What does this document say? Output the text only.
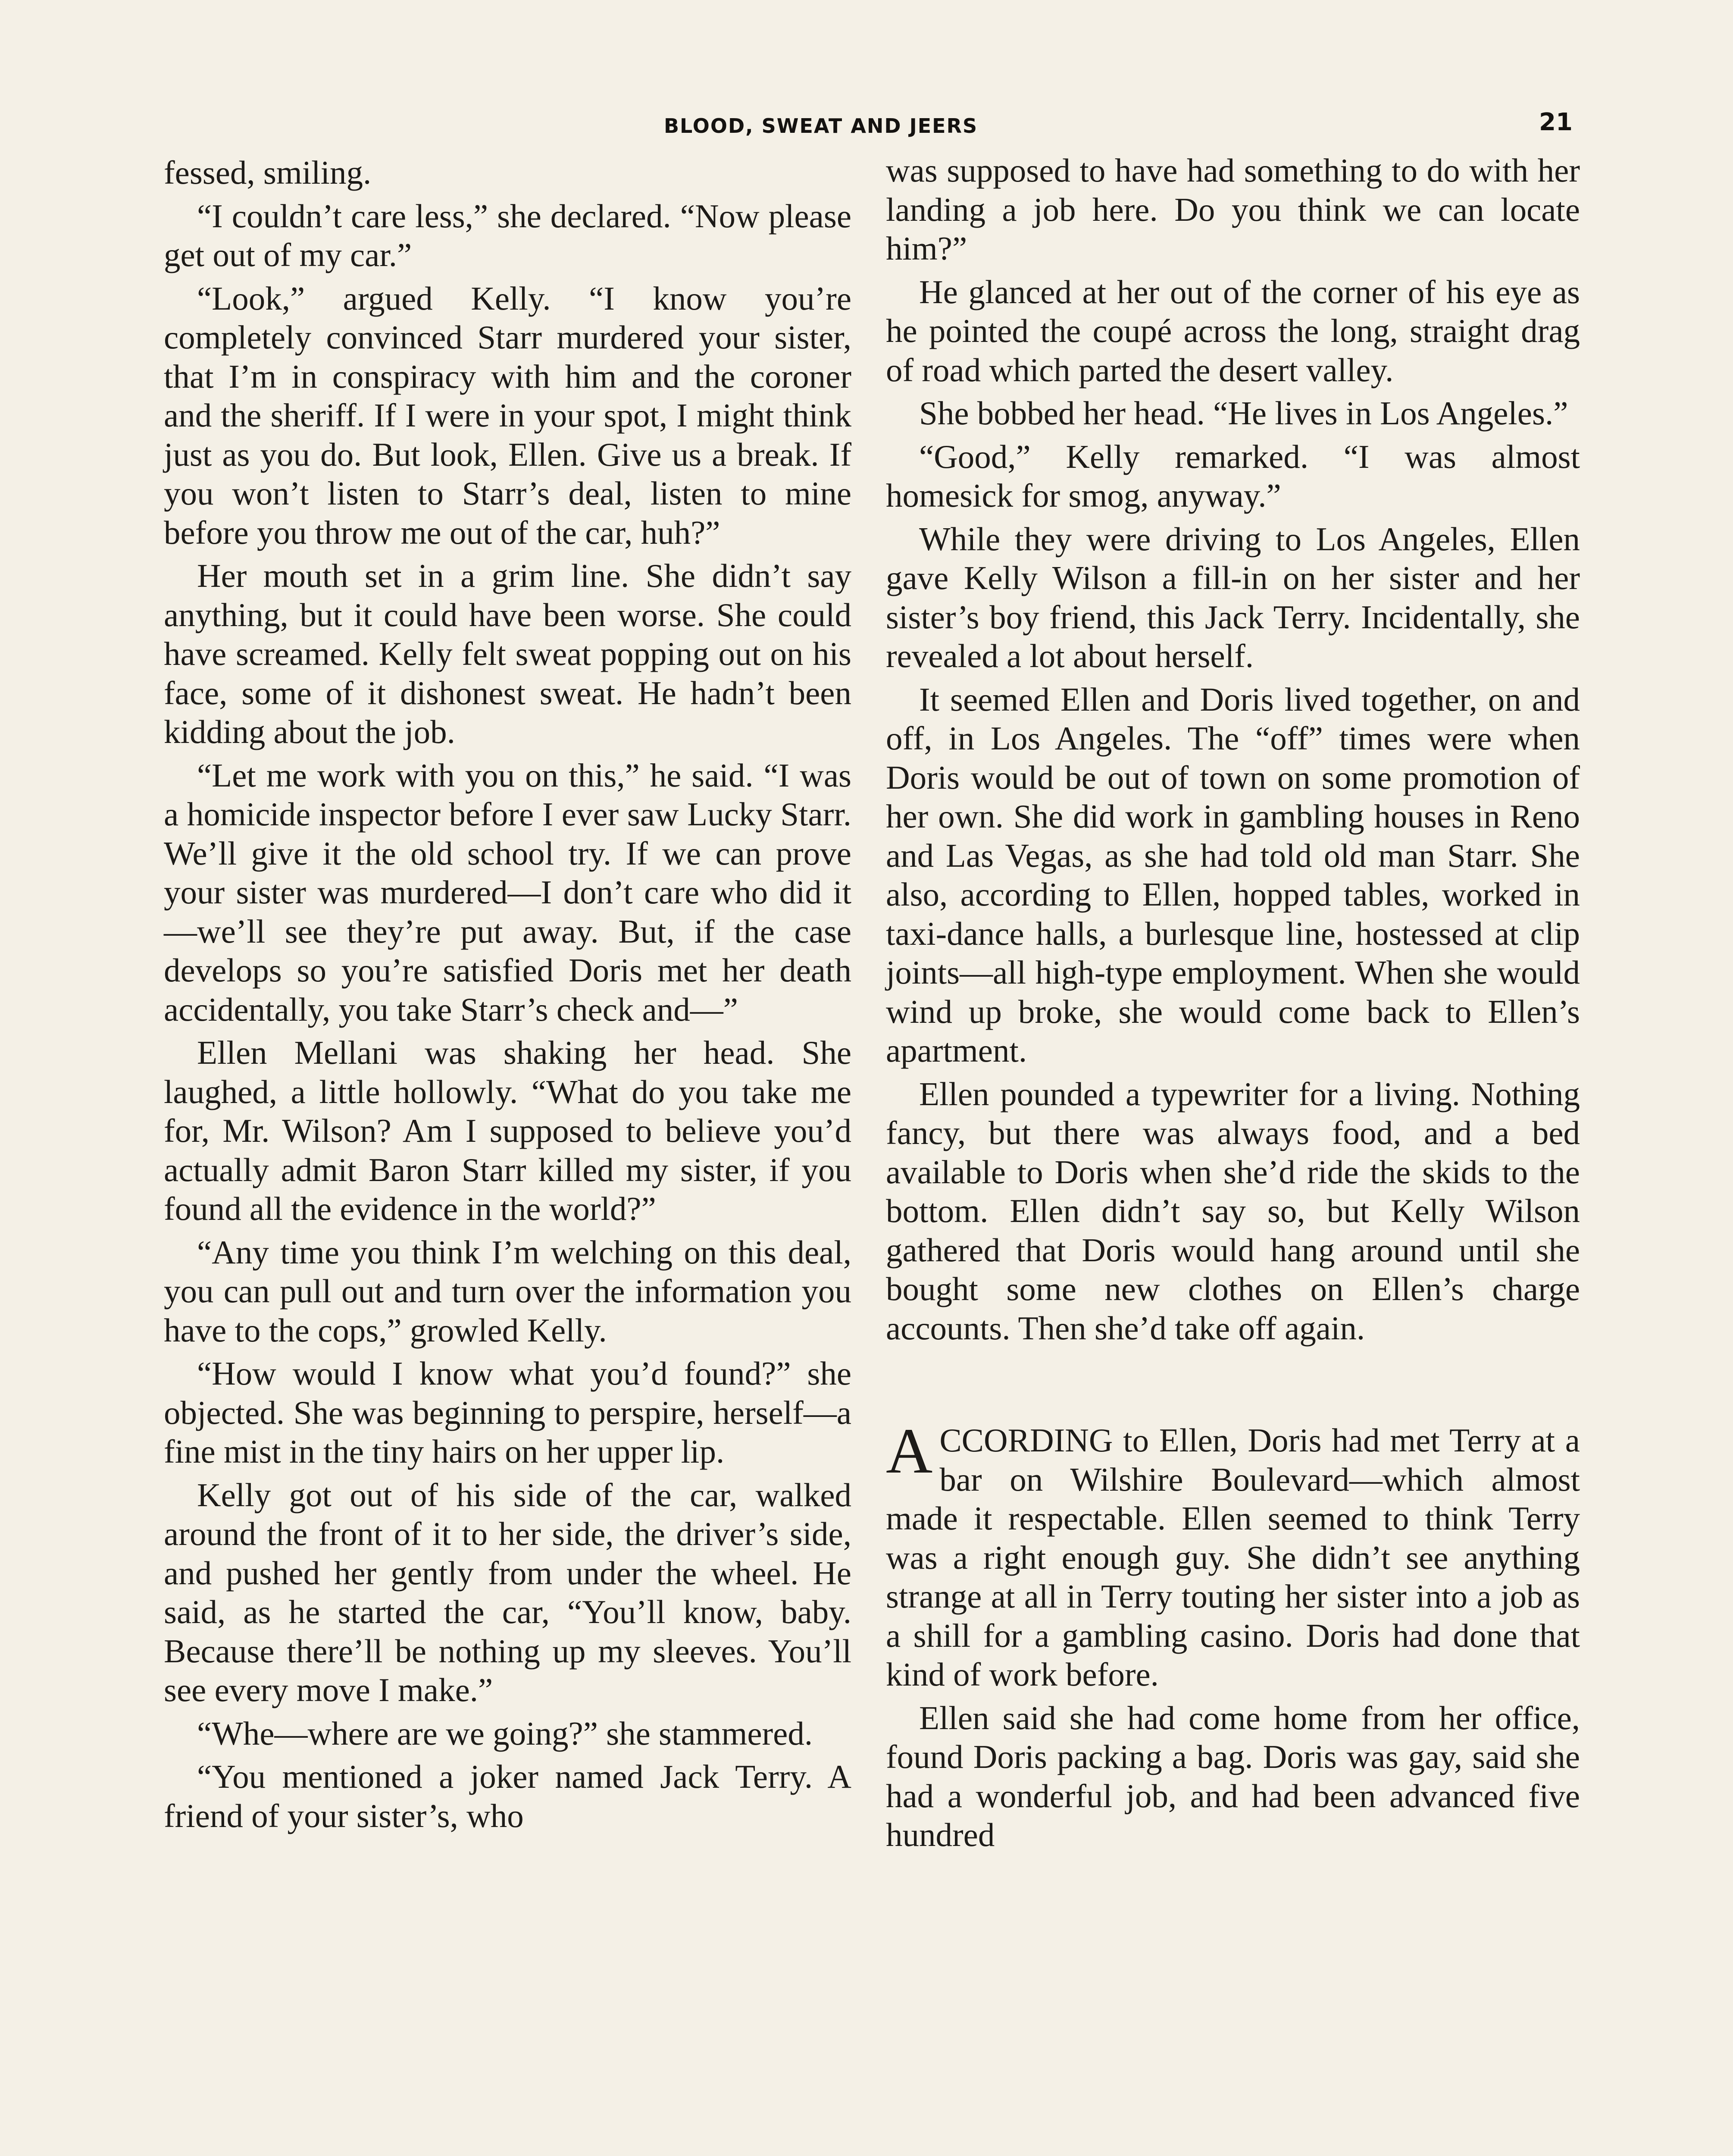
BLOOD, SWEAT AND JEERS	21

fessed, smiling.

“I couldn’t care less,” she declared. “Now please get out of my car.”

“Look,” argued Kelly. “I know you’re completely convinced Starr murdered your sister, that I’m in conspiracy with him and the coroner and the sheriff. If I were in your spot, I might think just as you do. But look, Ellen. Give us a break. If you won’t listen to Starr’s deal, listen to mine before you throw me out of the car, huh?”

Her mouth set in a grim line. She didn’t say anything, but it could have been worse. She could have screamed. Kelly felt sweat popping out on his face, some of it dishonest sweat. He hadn’t been kidding about the job.

“Let me work with you on this,” he said. “I was a homicide inspector before I ever saw Lucky Starr. We’ll give it the old school try. If we can prove your sister was murdered—I don’t care who did it—we’ll see they’re put away. But, if the case develops so you’re satisfied Doris met her death accidentally, you take Starr’s check and—”

Ellen Mellani was shaking her head. She laughed, a little hollowly. “What do you take me for, Mr. Wilson? Am I supposed to believe you’d actually admit Baron Starr killed my sister, if you found all the evidence in the world?”

“Any time you think I’m welching on this deal, you can pull out and turn over the information you have to the cops,” growled Kelly.

“How would I know what you’d found?” she objected. She was beginning to perspire, herself—a fine mist in the tiny hairs on her upper lip.

Kelly got out of his side of the car, walked around the front of it to her side, the driver’s side, and pushed her gently from under the wheel. He said, as he started the car, “You’ll know, baby. Because there’ll be nothing up my sleeves. You’ll see every move I make.”

“Whe—where are we going?” she stammered.

“You mentioned a joker named Jack Terry. A friend of your sister’s, who

was supposed to have had something to do with her landing a job here. Do you think we can locate him?”

He glanced at her out of the corner of his eye as he pointed the coupé across the long, straight drag of road which parted the desert valley.

She bobbed her head. “He lives in Los Angeles.”

“Good,” Kelly remarked. “I was almost homesick for smog, anyway.”

While they were driving to Los Angeles, Ellen gave Kelly Wilson a fill-in on her sister and her sister’s boy friend, this Jack Terry. Incidentally, she revealed a lot about herself.

It seemed Ellen and Doris lived together, on and off, in Los Angeles. The “off” times were when Doris would be out of town on some promotion of her own. She did work in gambling houses in Reno and Las Vegas, as she had told old man Starr. She also, according to Ellen, hopped tables, worked in taxi-dance halls, a burlesque line, hostessed at clip joints—all high-type employment. When she would wind up broke, she would come back to Ellen’s apartment.

Ellen pounded a typewriter for a living. Nothing fancy, but there was always food, and a bed available to Doris when she’d ride the skids to the bottom. Ellen didn’t say so, but Kelly Wilson gathered that Doris would hang around until she bought some new clothes on Ellen’s charge accounts. Then she’d take off again.

ACCORDING to Ellen, Doris had met Terry at a bar on Wilshire Boulevard—which almost made it respectable. Ellen seemed to think Terry was a right enough guy. She didn’t see anything strange at all in Terry touting her sister into a job as a shill for a gambling casino. Doris had done that kind of work before.

Ellen said she had come home from her office, found Doris packing a bag. Doris was gay, said she had a wonderful job, and had been advanced five hundred
